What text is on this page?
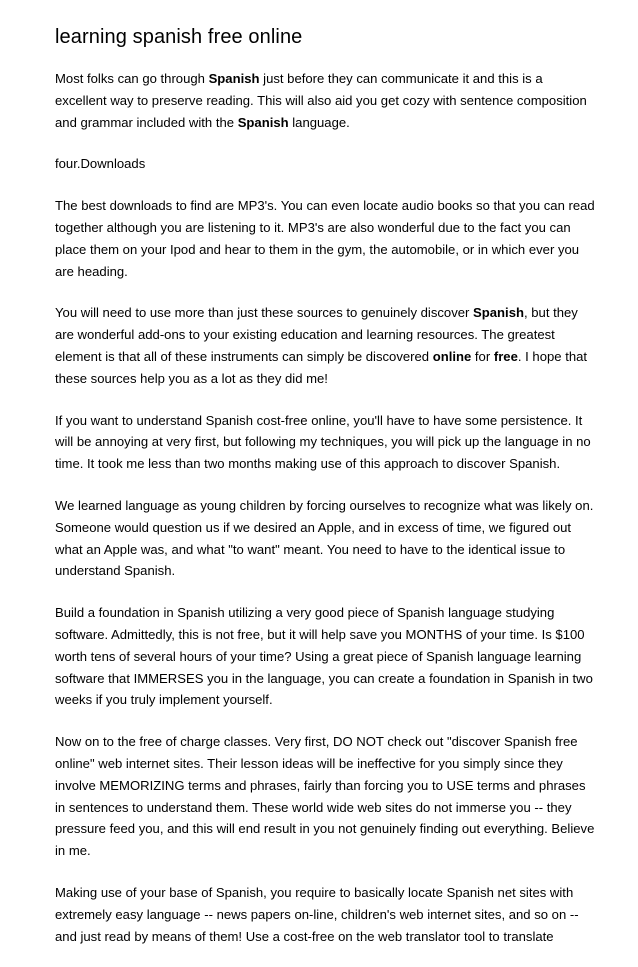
learning spanish free online

Most folks can go through Spanish just before they can communicate it and this is a excellent way to preserve reading. This will also aid you get cozy with sentence composition and grammar included with the Spanish language.

four.Downloads

The best downloads to find are MP3's. You can even locate audio books so that you can read together although you are listening to it. MP3's are also wonderful due to the fact you can place them on your Ipod and hear to them in the gym, the automobile, or in which ever you are heading.

You will need to use more than just these sources to genuinely discover Spanish, but they are wonderful add-ons to your existing education and learning resources. The greatest element is that all of these instruments can simply be discovered online for free. I hope that these sources help you as a lot as they did me!

If you want to understand Spanish cost-free online, you'll have to have some persistence. It will be annoying at very first, but following my techniques, you will pick up the language in no time. It took me less than two months making use of this approach to discover Spanish.

We learned language as young children by forcing ourselves to recognize what was likely on. Someone would question us if we desired an Apple, and in excess of time, we figured out what an Apple was, and what "to want" meant. You need to have to the identical issue to understand Spanish.

Build a foundation in Spanish utilizing a very good piece of Spanish language studying software. Admittedly, this is not free, but it will help save you MONTHS of your time. Is $100 worth tens of several hours of your time? Using a great piece of Spanish language learning software that IMMERSES you in the language, you can create a foundation in Spanish in two weeks if you truly implement yourself.

Now on to the free of charge classes. Very first, DO NOT check out "discover Spanish free online" web internet sites. Their lesson ideas will be ineffective for you simply since they involve MEMORIZING terms and phrases, fairly than forcing you to USE terms and phrases in sentences to understand them. These world wide web sites do not immerse you -- they pressure feed you, and this will end result in you not genuinely finding out everything. Believe in me.

Making use of your base of Spanish, you require to basically locate Spanish net sites with extremely easy language -- news papers on-line, children's web internet sites, and so on -- and just read by means of them! Use a cost-free on the web translator tool to translate
